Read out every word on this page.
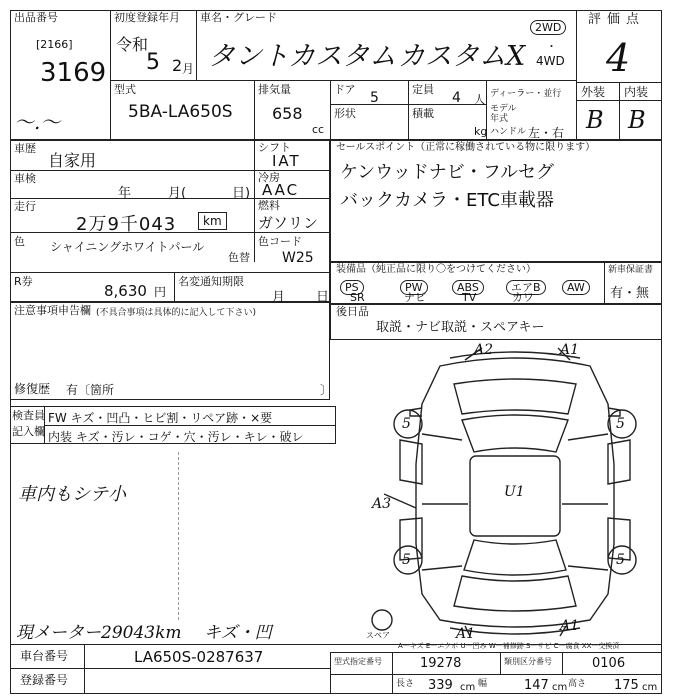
出品番号
[2166]
3169
〜.〜
初度登録年月
令和
5 2 月
車名・グレード
タントカスタム カスタムX
2WD
・
4WD
評価点
4
外装 内装
B B
型式
5BA-LA650S
排気量
658
cc
ドア
5
形状
定員
4 人
積載
kg
ディーラー・並行
モデル年式
ハンドル 左・右
車歴
自家用
車検
年	月(	日)
走行
2万9千043	km
シフト
IAT
冷房
AAC
燃料
ガソリン
色 シャイニングホワイトパール
色替
色コード
W25
R券
8,630 円
名変通知期限
月 日
セールスポイント（正常に稼働されている物に限ります）
ケンウッドナビ・フルセグ
バックカメラ・ETC車載器
装備品（純正品に限り〇をつけてください）
PS	PW	ABS	エアB	AW
SR	ナビ	TV	カワ
新車保証書
有・無
後日品
取説・ナビ取説・スペアキー
注意事項申告欄 (不具合事項は具体的に記入して下さい)
修復歴 有〔箇所	〕
検査員
記入欄
FW キズ・凹凸・ヒビ割・リペア跡・×要
内装 キズ・汚レ・コゲ・穴・汚レ・キレ・破レ
車内もシテ小
現メーター29043km キズ・凹
A2	A1
A3
U1
A1	A1
5	5
5	5
スペア
A一キズ E一エクボ U一凹み W一補修跡 S一サビ C一腐食 XX一交換済
車台番号	LA650S-0287637
登録番号
型式指定番号	19278	類別区分番号	0106
長さ 339 cm 幅	147 cm 高さ 175 cm
